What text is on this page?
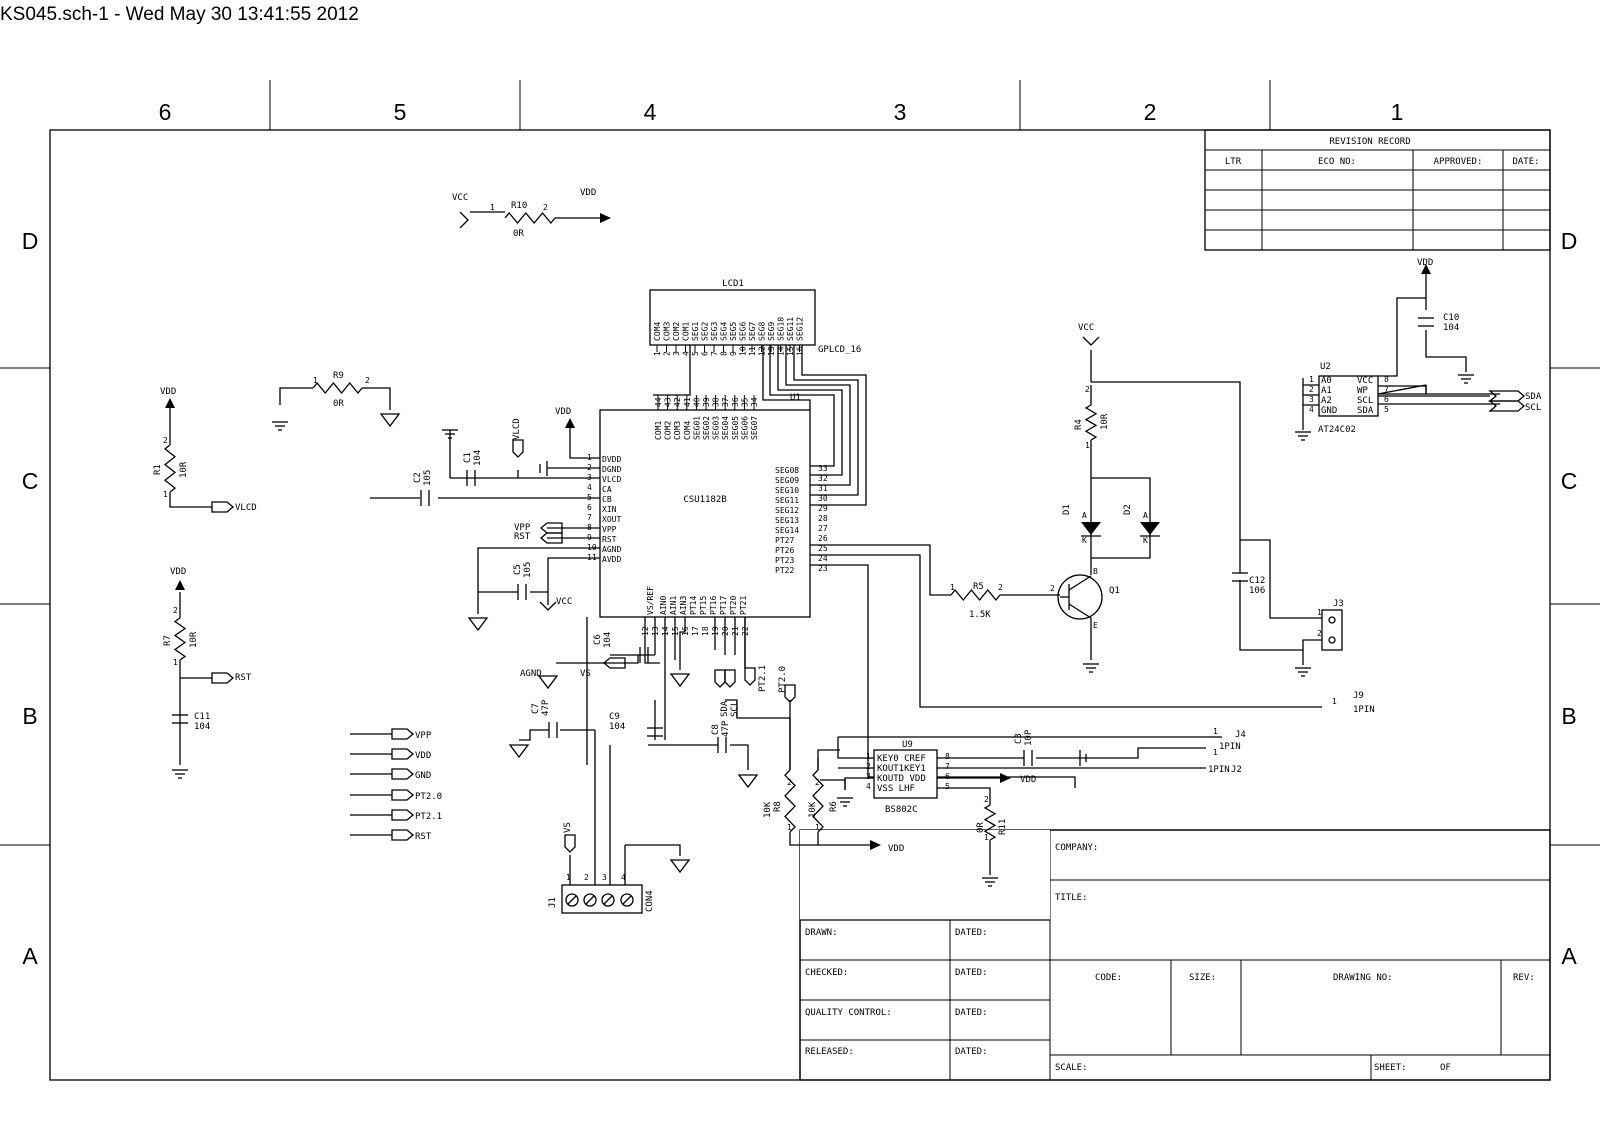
KS045.sch-1 - Wed May 30 13:41:55 2012
6	5	4	3	2	1
D
C
B
A
D
C
B
A
REVISION RECORD
LTR	ECO NO:	APPROVED:	DATE:
COMPANY:
TITLE:
DRAWN:	DATED:
CHECKED:	DATED:
QUALITY CONTROL:	DATED:
RELEASED:	DATED:
CODE:	SIZE:	DRAWING NO:	REV:
SCALE:	SHEET:	OF
LCD1
GPLCD_16
COM4
1
COM3
2
COM2
3
COM1
4
SEG1
5
SEG2
6
SEG3
7
SEG4
8
SEG5
9
SEG6
10
SEG7
11
SEG8
12
SEG9
13
SEG10
14
SEG11
15
SEG12
16
U1
CSU1182B
COM1
44
COM2
43
COM3
42
COM4
41
SEG01
40
SEG02
39
SEG03
38
SEG04
37
SEG05
36
SEG06
35
SEG07
34
DVDD
1
DGND
2
VLCD
3
CA
4
CB
5
XIN
6
XOUT
7
VPP
8
RST
9
AGND
10
AVDD
11
SEG08 33
SEG09 32
SEG10 31
SEG11 30
SEG12 29
SEG13 28
SEG14 27
PT27	26
PT26	25
PT23	24
PT22	23
VS/REF AIN0 AIN1 AIN3 PT14 PT15 PT16 PT17 PT20 PT21
12 13 14 15 16 17 18 19 20 21 22
U2
AT24C02
A0
1
A1
2
A2
3
GND
4
VCC 8
WP 7
SCL 6
SDA 5
U9
BS802C
KEY0 CREF
1	8
KOUT1KEY1
2	7
KOUTD VDD
3	6
VSS LHF
4	5
1	2
1	2
2
1
2
1
1	2	2
2
1
A
K
A
K
B
E
1
2
1
1
1
2
1
2
1
2
1
1 2 3 4
VCC	VDD
R10
0R
R9
0R
VDD
R1 10R
VLCD
VDD
R7 10R
RST
C11
104
VDD
VLCD
C1 104
C2 105
VPP
RST
C5 105
VCC
C6 104
AGND	VS
C7 47P
C9
104	C8 47P
SDA SCL
PT2.1 PT2.0
10K R8	10K R6
VDD
C3 10P	J4
1PIN
1PIN J2
VDD
0R R11
VCC
R4 10R
D1	D2
R5
1.5K
Q1
C12
106
J3
J9
1PIN
VDD
C10
104
SDA
SCL
VS
J1	CON4
VPP
VDD
GND
PT2.0
PT2.1
RST
